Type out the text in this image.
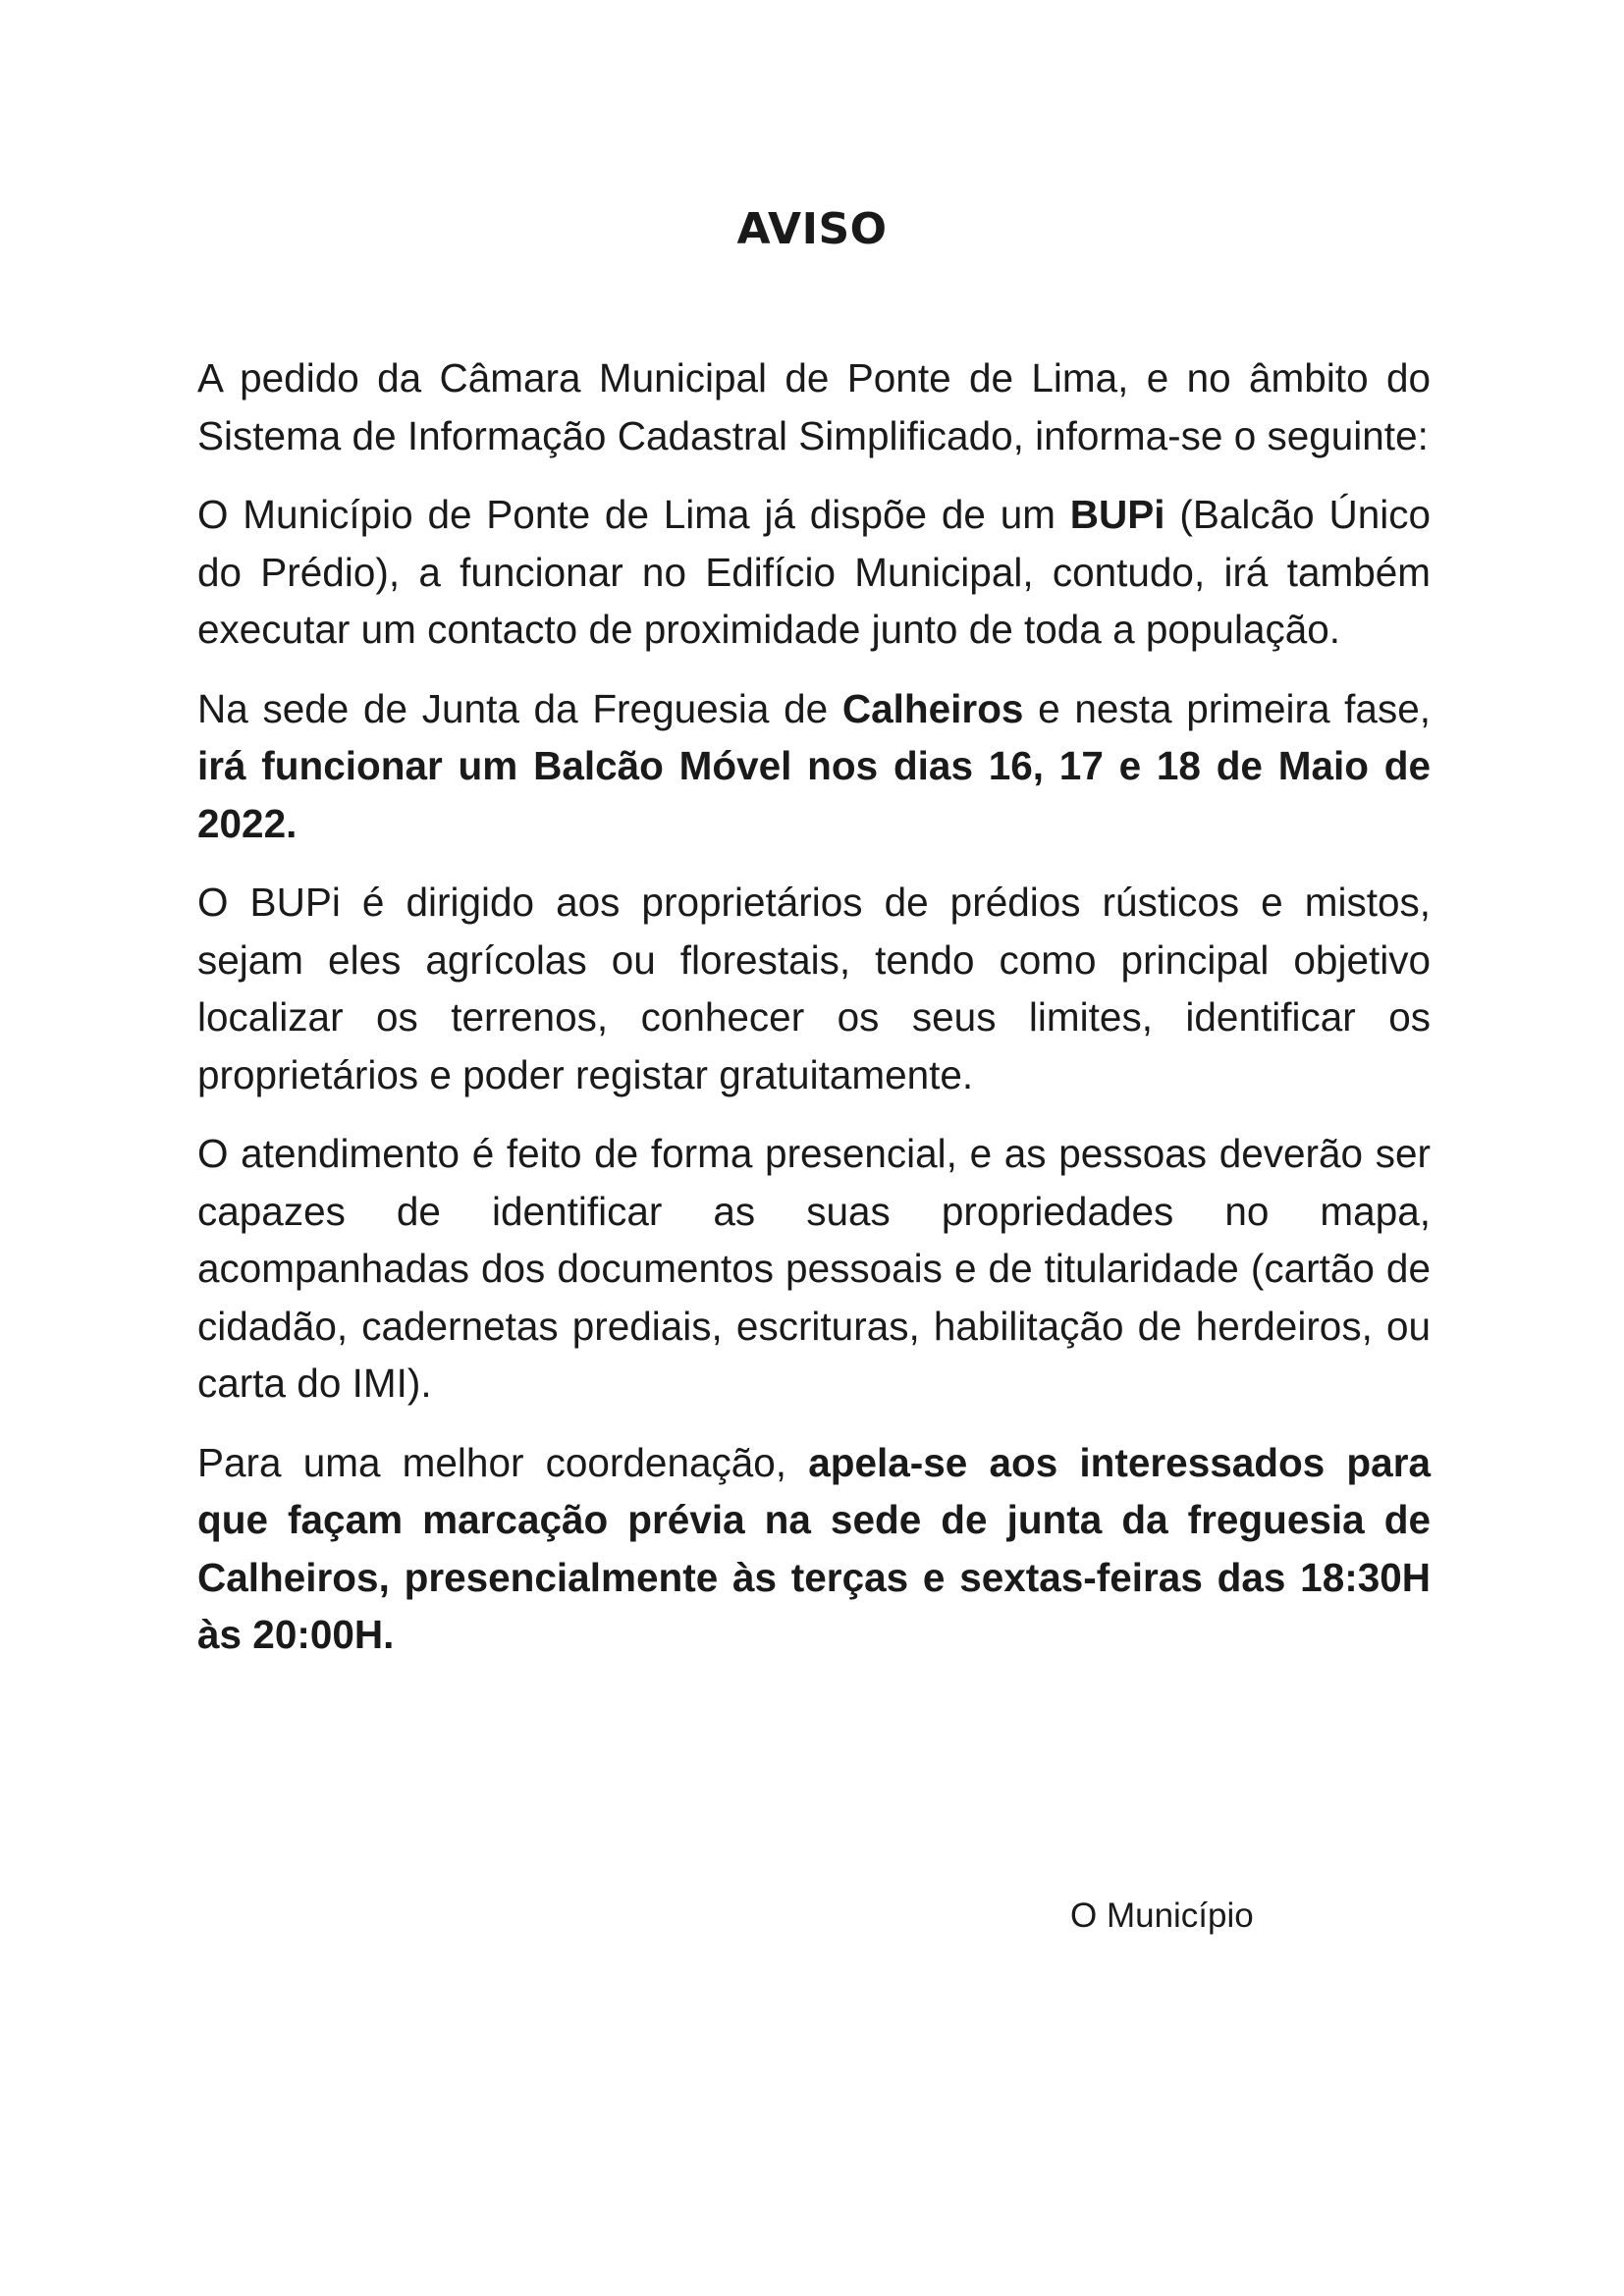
AVISO

A pedido da Câmara Municipal de Ponte de Lima, e no âmbito do Sistema de Informação Cadastral Simplificado, informa-se o seguinte:

O Município de Ponte de Lima já dispõe de um BUPi (Balcão Único do Prédio), a funcionar no Edifício Municipal, contudo, irá também executar um contacto de proximidade junto de toda a população.

Na sede de Junta da Freguesia de Calheiros e nesta primeira fase, irá funcionar um Balcão Móvel nos dias 16, 17 e 18 de Maio de 2022.

O BUPi é dirigido aos proprietários de prédios rústicos e mistos, sejam eles agrícolas ou florestais, tendo como principal objetivo localizar os terrenos, conhecer os seus limites, identificar os proprietários e poder registar gratuitamente.

O atendimento é feito de forma presencial, e as pessoas deverão ser capazes de identificar as suas propriedades no mapa, acompanhadas dos documentos pessoais e de titularidade (cartão de cidadão, cadernetas prediais, escrituras, habilitação de herdeiros, ou carta do IMI).

Para uma melhor coordenação, apela-se aos interessados para que façam marcação prévia na sede de junta da freguesia de Calheiros, presencialmente às terças e sextas-feiras das 18:30H às 20:00H.

O Município
